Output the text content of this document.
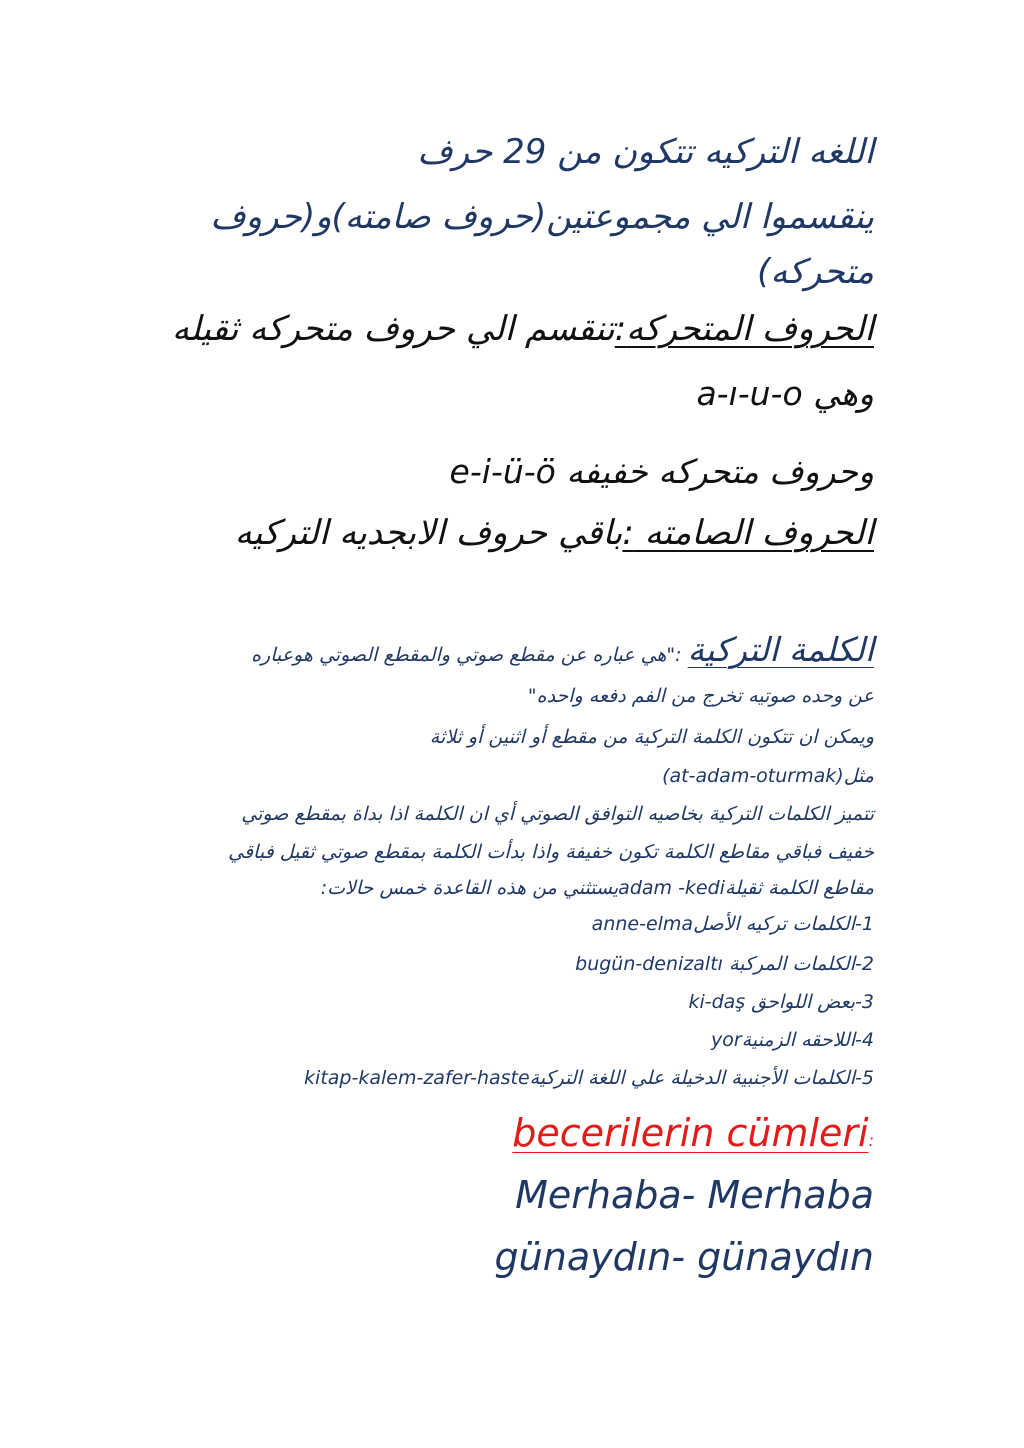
اللغه التركيه تتكون من 29 حرف

ينقسموا الي مجموعتين(حروف صامته)و(حروف

متحركه)

الحروف المتحركه:تنقسم الي حروف متحركه ثقيله

وهي a-ı-u-o

وحروف متحركه خفيفه e-i-ü-ö

الحروف الصامته :باقي حروف الابجديه التركيه

الكلمة التركية :"هي عباره عن مقطع صوتي والمقطع الصوتي هوعباره

عن وحده صوتيه تخرج من الفم دفعه واحده"

ويمكن ان تتكون الكلمة التركية من مقطع أو اثنين أو ثلاثة

مثل(at-adam-oturmak)

تتميز الكلمات التركية بخاصيه التوافق الصوتي أي ان الكلمة اذا بداة بمقطع صوتي

خفيف فباقي مقاطع الكلمة تكون خفيفة واذا بدأت الكلمة بمقطع صوتي ثقيل فباقي

مقاطع الكلمة ثقيلةadam -kediيستثني من هذه القاعدة خمس حالات:

1-الكلمات تركيه الأصلanne-elma

2-الكلمات المركبة bugün-denizaltı

3-بعض اللواحق ki-daş

4-اللاحقه الزمنيةyor

5-الكلمات الأجنبية الدخيلة علي اللغة التركيةkitap-kalem-zafer-haste

becerilerin cümleri:

Merhaba- Merhaba

günaydın- günaydın
